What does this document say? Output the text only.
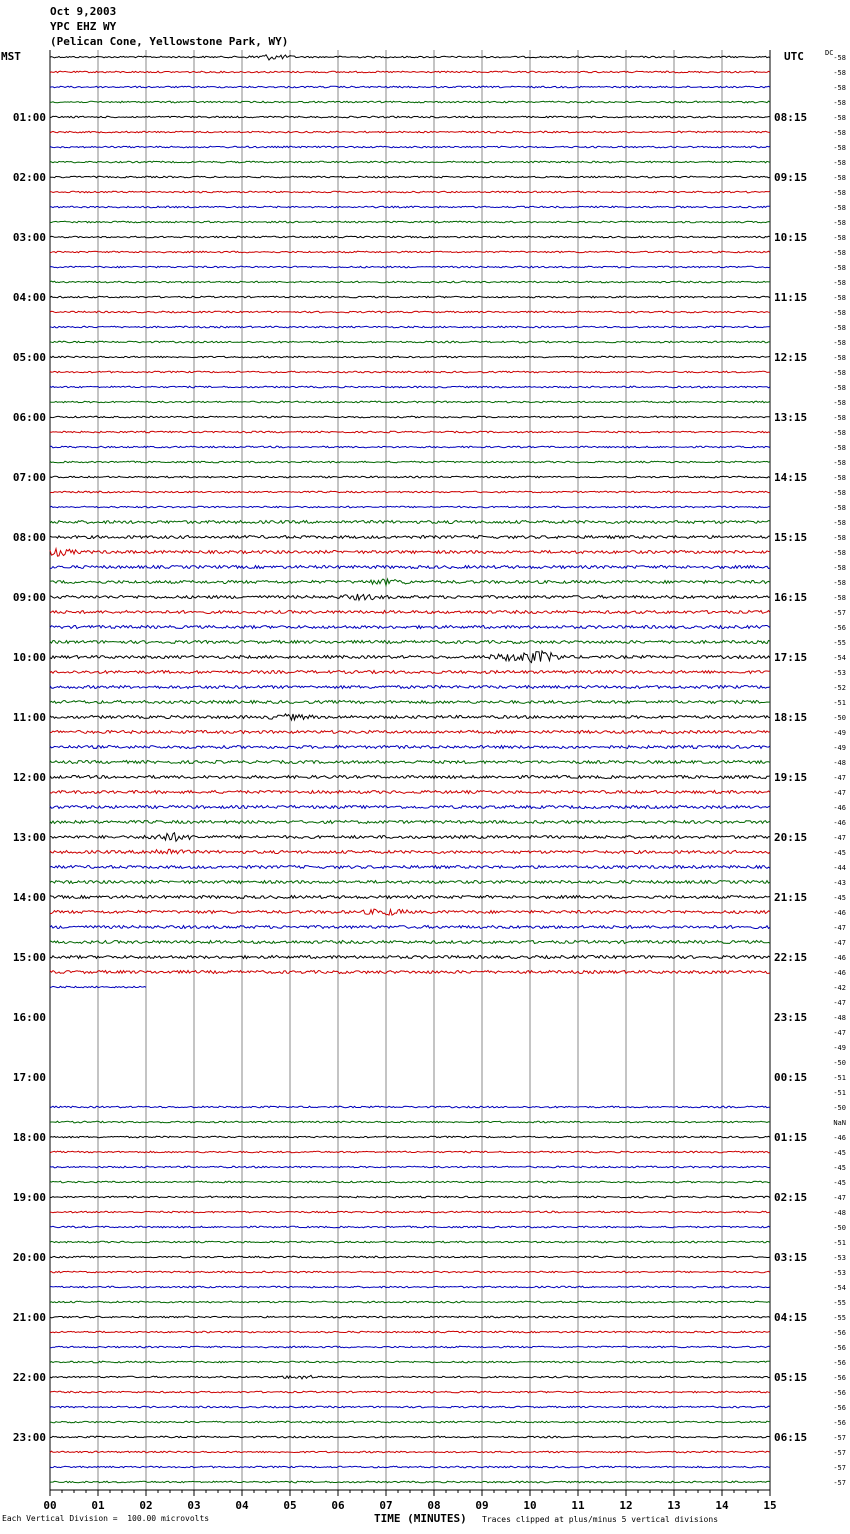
Oct 9,2003
YPC EHZ WY
(Pelican Cone, Yellowstone Park, WY)
MST	UTC	DC
01:00
02:00
03:00
04:00
05:00
06:00
07:00
08:00
09:00
10:00
11:00
12:00
13:00
14:00
15:00
16:00
17:00
18:00
19:00
20:00
21:00
22:00
23:00
08:15
09:15
10:15
11:15
12:15
13:15
14:15
15:15
16:15
17:15
18:15
19:15
20:15
21:15
22:15
23:15
00:15
01:15
02:15
03:15
04:15
05:15
06:15
-58
-58
-58
-58
-58
-58
-58
-58
-58
-58
-58
-58
-58
-58
-58
-58
-58
-58
-58
-58
-58
-58
-58
-58
-58
-58
-58
-58
-58
-58
-58
-58
-58
-58
-58
-58
-58
-57
-56
-55
-54
-53
-52
-51
-50
-49
-49
-48
-47
-47
-46
-46
-47
-45
-44
-43
-45
-46
-47
-47
-46
-46
-42
-47
-48
-47
-49
-50
-51
-51
-50
NaN
-46
-45
-45
-45
-47
-48
-50
-51
-53
-53
-54
-55
-55
-56
-56
-56
-56
-56
-56
-56
-57
-57
-57
-57
00	01	02	03	04	05	06	07	08	09	10	11	12	13	14	15
Each Vertical Division =  100.00 microvolts	TIME (MINUTES) Traces clipped at plus/minus 5 vertical divisions
